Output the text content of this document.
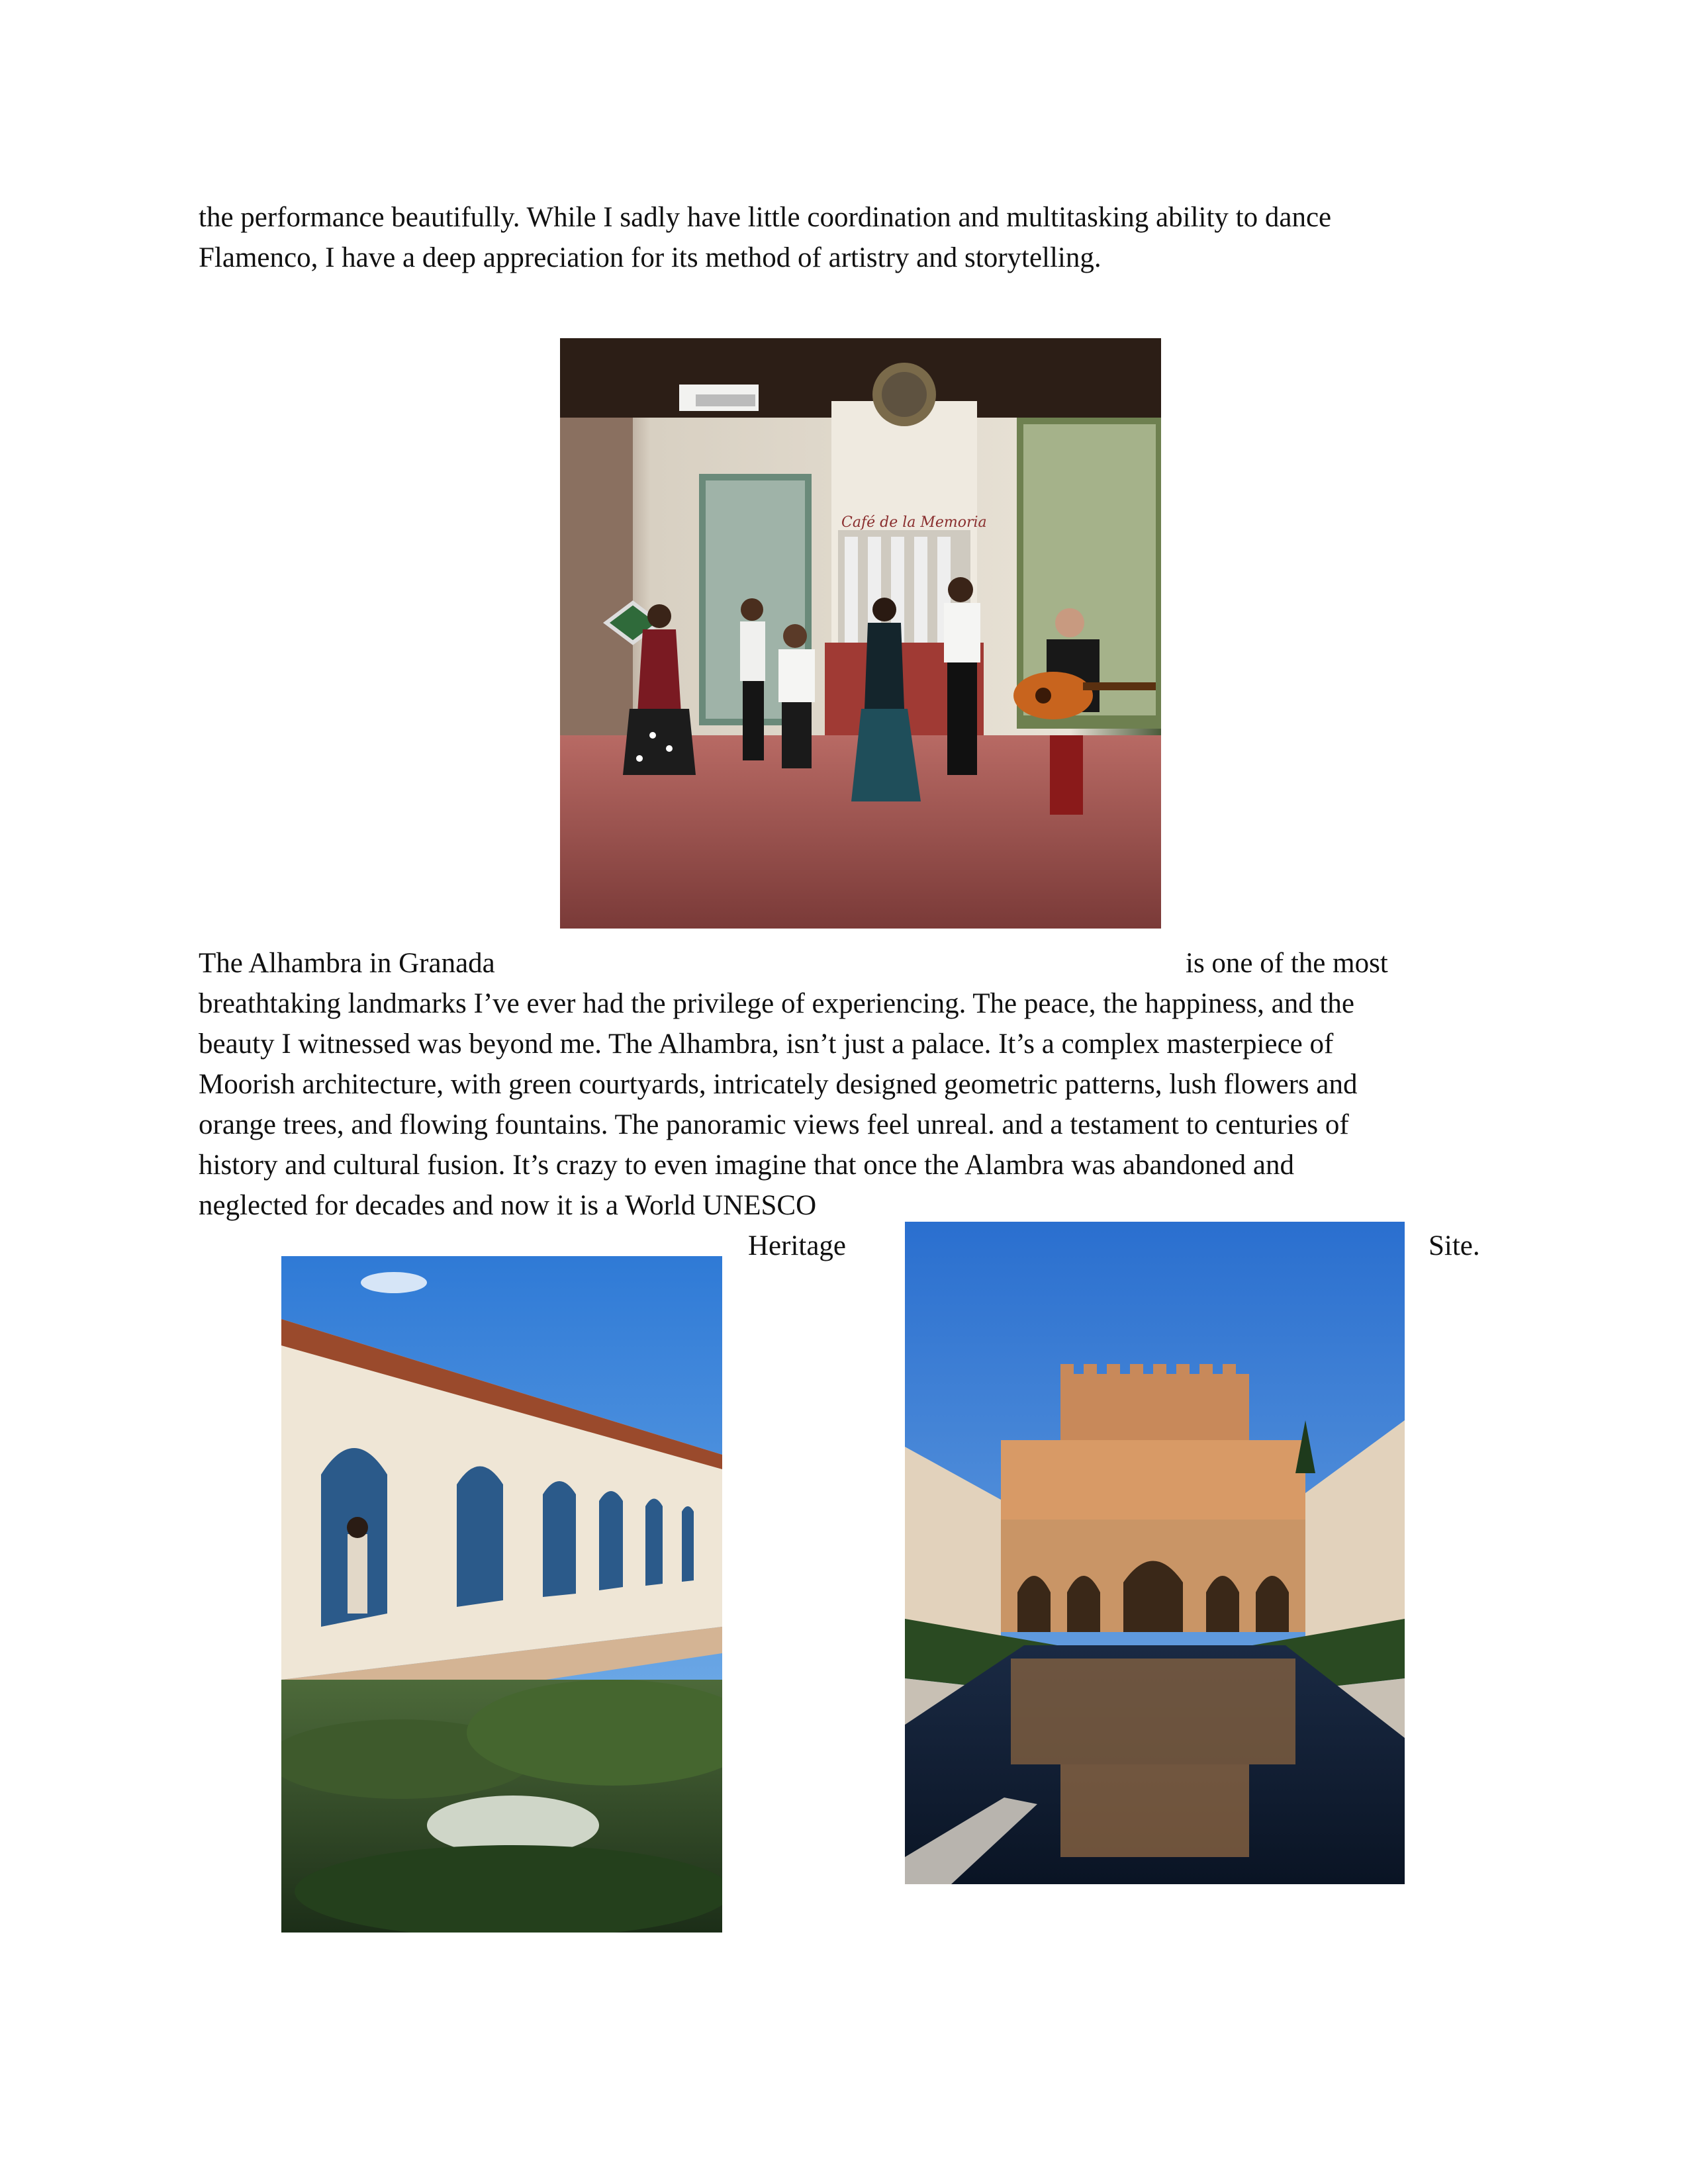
the performance beautifully. While I sadly have little coordination and multitasking ability to dance

Flamenco, I have a deep appreciation for its method of artistry and storytelling.

Café de la Memoria

The Alhambra in Granada	is one of the most

breathtaking landmarks I’ve ever had the privilege of experiencing. The peace, the happiness, and the

beauty I witnessed was beyond me. The Alhambra, isn’t just a palace. It’s a complex masterpiece of

Moorish architecture, with green courtyards, intricately designed geometric patterns, lush flowers and

orange trees, and flowing fountains. The panoramic views feel unreal. and a testament to centuries of

history and cultural fusion. It’s crazy to even imagine that once the Alambra was abandoned and

neglected for decades and now it is a World UNESCO

Heritage	Site.
